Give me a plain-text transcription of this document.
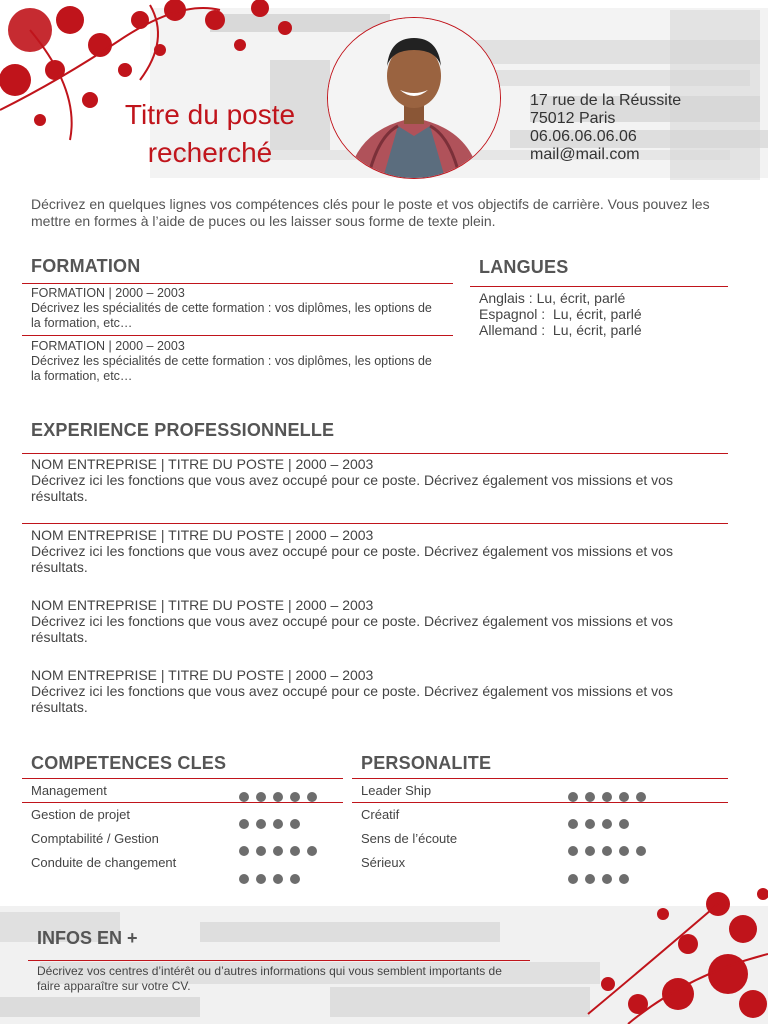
Titre du poste
recherché
17 rue de la Réussite
75012 Paris
06.06.06.06.06
mail@mail.com
Décrivez en quelques lignes vos compétences clés pour le poste et vos objectifs de carrière. Vous pouvez les mettre en formes à l’aide de puces ou les laisser sous forme de texte plein.
FORMATION
FORMATION | 2000 – 2003
Décrivez les spécialités de cette formation : vos diplômes, les options de la formation, etc…
FORMATION | 2000 – 2003
Décrivez les spécialités de cette formation : vos diplômes, les options de la formation, etc…
LANGUES
Anglais : Lu, écrit, parlé
Espagnol :  Lu, écrit, parlé
Allemand :  Lu, écrit, parlé
EXPERIENCE PROFESSIONNELLE
NOM ENTREPRISE | TITRE DU POSTE | 2000 – 2003
Décrivez ici les fonctions que vous avez occupé pour ce poste. Décrivez également vos missions et vos résultats.
NOM ENTREPRISE | TITRE DU POSTE | 2000 – 2003
Décrivez ici les fonctions que vous avez occupé pour ce poste. Décrivez également vos missions et vos résultats.
NOM ENTREPRISE | TITRE DU POSTE | 2000 – 2003
Décrivez ici les fonctions que vous avez occupé pour ce poste. Décrivez également vos missions et vos résultats.
NOM ENTREPRISE | TITRE DU POSTE | 2000 – 2003
Décrivez ici les fonctions que vous avez occupé pour ce poste. Décrivez également vos missions et vos résultats.
COMPETENCES CLES
Management
Gestion de projet
Comptabilité / Gestion
Conduite de changement
PERSONALITE
Leader Ship
Créatif
Sens de l’écoute
Sérieux
INFOS EN +
Décrivez vos centres d’intérêt ou d’autres informations qui vous semblent importants de faire apparaître sur votre CV.
